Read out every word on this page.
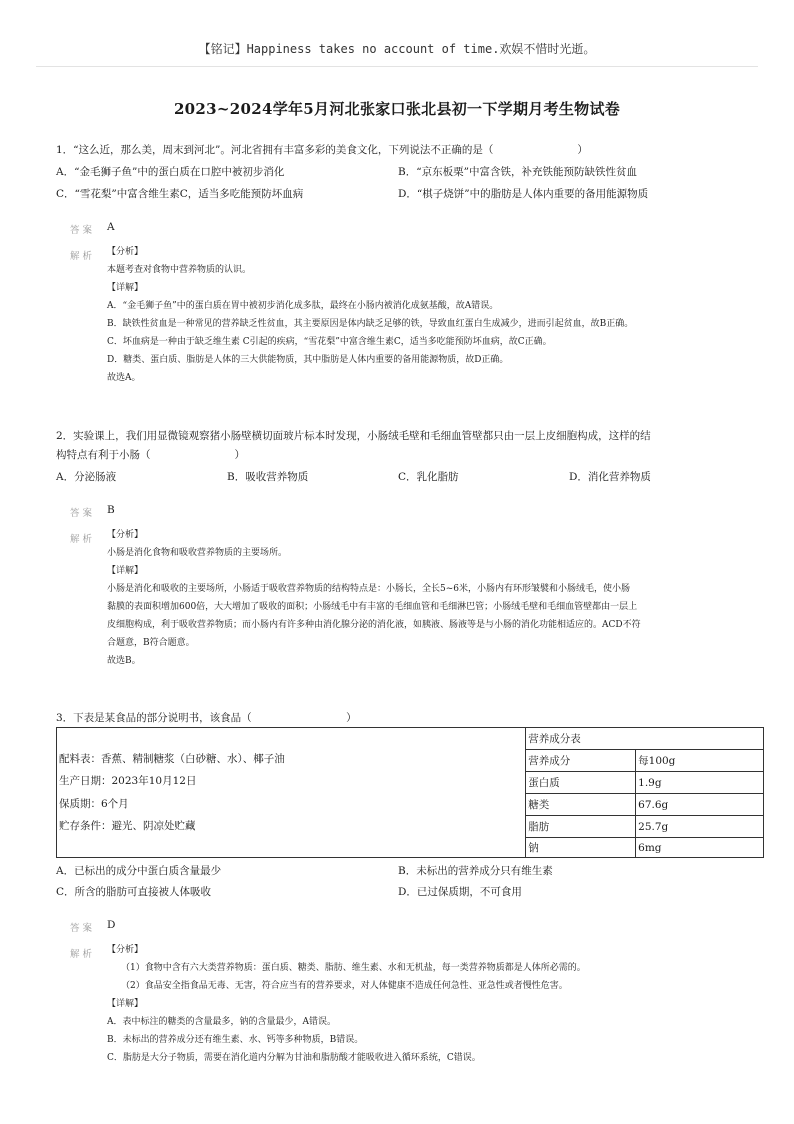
【铭记】Happiness takes no account of time.欢娱不惜时光逝。
2023~2024学年5月河北张家口张北县初一下学期月考生物试卷
1．“这么近，那么美，周末到河北”。河北省拥有丰富多彩的美食文化，下列说法不正确的是（　　　　　　　　）
A．“金毛狮子鱼”中的蛋白质在口腔中被初步消化	B．“京东板栗”中富含铁，补充铁能预防缺铁性贫血
C．“雪花梨”中富含维生素C，适当多吃能预防坏血病	D．“棋子烧饼”中的脂肪是人体内重要的备用能源物质
答案 A
解析 【分析】
本题考查对食物中营养物质的认识。
【详解】
A．“金毛狮子鱼”中的蛋白质在胃中被初步消化成多肽，最终在小肠内被消化成氨基酸，故A错误。
B．缺铁性贫血是一种常见的营养缺乏性贫血，其主要原因是体内缺乏足够的铁，导致血红蛋白生成减少，进而引起贫血，故B正确。
C．坏血病是一种由于缺乏维生素 C引起的疾病，“雪花梨”中富含维生素C，适当多吃能预防坏血病，故C正确。
D．糖类、蛋白质、脂肪是人体的三大供能物质，其中脂肪是人体内重要的备用能源物质，故D正确。
故选A。
2．实验课上，我们用显微镜观察猪小肠壁横切面玻片标本时发现，小肠绒毛壁和毛细血管壁都只由一层上皮细胞构成，这样的结
构特点有利于小肠（　　　　　　　　）
A．分泌肠液	B．吸收营养物质	C．乳化脂肪	D．消化营养物质
答案 B
解析 【分析】
小肠是消化食物和吸收营养物质的主要场所。
【详解】
小肠是消化和吸收的主要场所，小肠适于吸收营养物质的结构特点是：小肠长，全长5~6米，小肠内有环形皱襞和小肠绒毛，使小肠
黏膜的表面积增加600倍，大大增加了吸收的面积；小肠绒毛中有丰富的毛细血管和毛细淋巴管；小肠绒毛壁和毛细血管壁都由一层上
皮细胞构成，利于吸收营养物质；而小肠内有许多种由消化腺分泌的消化液，如胰液、肠液等是与小肠的消化功能相适应的。ACD不符
合题意，B符合题意。
故选B。
3．下表是某食品的部分说明书，该食品（　　　　　　　　　）
配料表：香蕉、精制糖浆（白砂糖、水）、椰子油
生产日期：2023年10月12日
保质期：6个月
贮存条件：避光、阴凉处贮藏	营养成分表	
	营养成分	每100g
	蛋白质	1.9g
	糖类	67.6g
	脂肪	25.7g
	钠	6mg
A．已标出的成分中蛋白质含量最少	B．未标出的营养成分只有维生素
C．所含的脂肪可直接被人体吸收	D．已过保质期，不可食用
答案 D
解析 【分析】
（1）食物中含有六大类营养物质：蛋白质、糖类、脂肪、维生素、水和无机盐，每一类营养物质都是人体所必需的。
（2）食品安全指食品无毒、无害，符合应当有的营养要求，对人体健康不造成任何急性、亚急性或者慢性危害。
【详解】
A．表中标注的糖类的含量最多，钠的含量最少，A错误。
B．未标出的营养成分还有维生素、水、钙等多种物质，B错误。
C．脂肪是大分子物质，需要在消化道内分解为甘油和脂肪酸才能吸收进入循环系统，C错误。
